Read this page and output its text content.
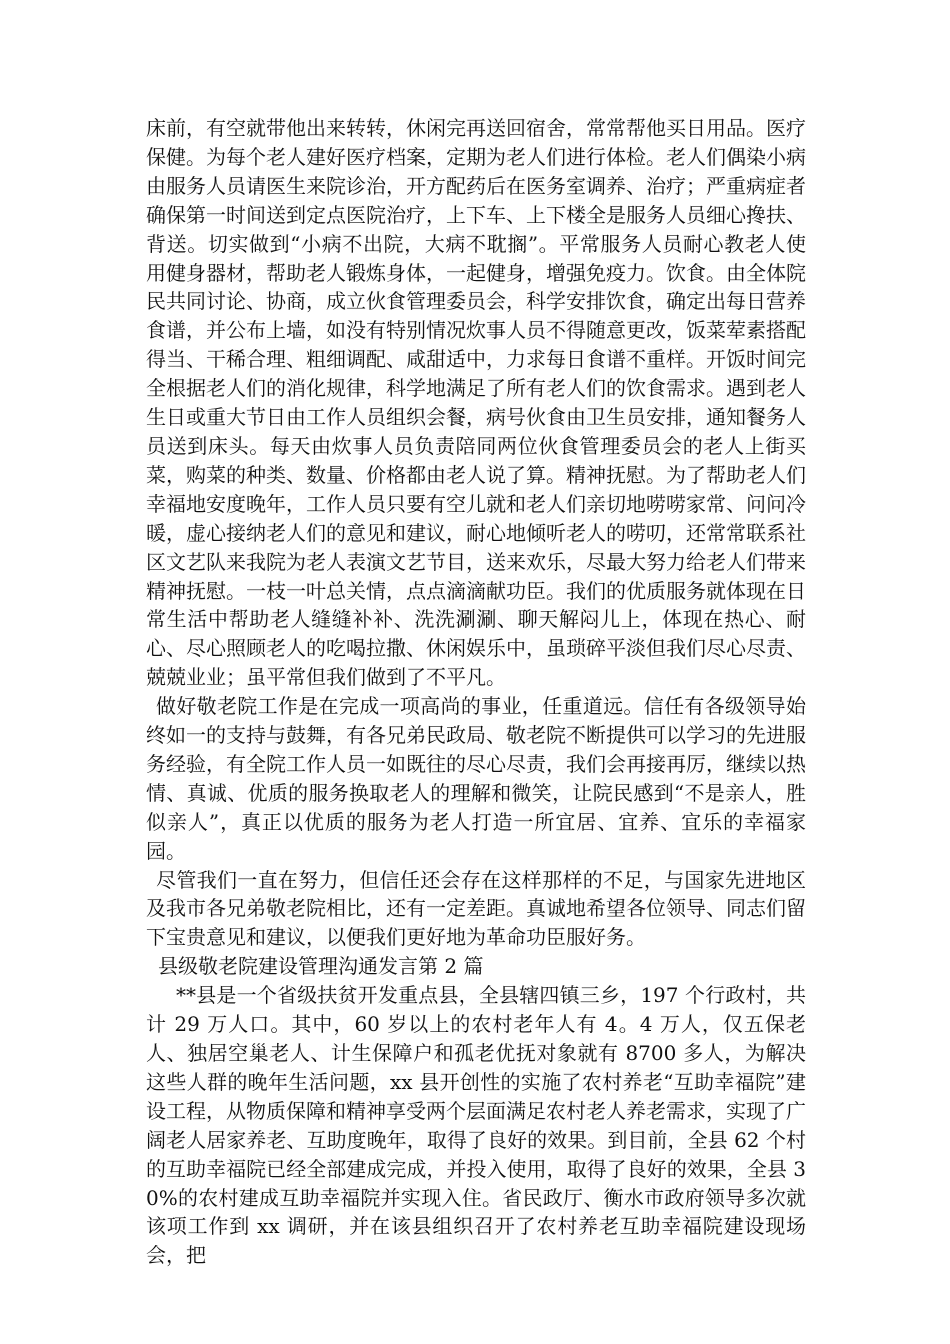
床前，有空就带他出来转转，休闲完再送回宿舍，常常帮他买日用品。医疗保健。为每个老人建好医疗档案，定期为老人们进行体检。老人们偶染小病由服务人员请医生来院诊治，开方配药后在医务室调养、治疗；严重病症者确保第一时间送到定点医院治疗，上下车、上下楼全是服务人员细心搀扶、背送。切实做到“小病不出院，大病不耽搁”。平常服务人员耐心教老人使用健身器材，帮助老人锻炼身体，一起健身，增强免疫力。饮食。由全体院民共同讨论、协商，成立伙食管理委员会，科学安排饮食，确定出每日营养食谱，并公布上墙，如没有特别情况炊事人员不得随意更改，饭菜荤素搭配得当、干稀合理、粗细调配、咸甜适中，力求每日食谱不重样。开饭时间完全根据老人们的消化规律，科学地满足了所有老人们的饮食需求。遇到老人生日或重大节日由工作人员组织会餐，病号伙食由卫生员安排，通知餐务人员送到床头。每天由炊事人员负责陪同两位伙食管理委员会的老人上街买菜，购菜的种类、数量、价格都由老人说了算。精神抚慰。为了帮助老人们幸福地安度晚年，工作人员只要有空儿就和老人们亲切地唠唠家常、问问冷暖，虚心接纳老人们的意见和建议，耐心地倾听老人的唠叨，还常常联系社区文艺队来我院为老人表演文艺节目，送来欢乐，尽最大努力给老人们带来精神抚慰。一枝一叶总关情，点点滴滴献功臣。我们的优质服务就体现在日常生活中帮助老人缝缝补补、洗洗涮涮、聊天解闷儿上，体现在热心、耐心、尽心照顾老人的吃喝拉撒、休闲娱乐中，虽琐碎平淡但我们尽心尽责、兢兢业业；虽平常但我们做到了不平凡。

做好敬老院工作是在完成一项高尚的事业，任重道远。信任有各级领导始终如一的支持与鼓舞，有各兄弟民政局、敬老院不断提供可以学习的先进服务经验，有全院工作人员一如既往的尽心尽责，我们会再接再厉，继续以热情、真诚、优质的服务换取老人的理解和微笑，让院民感到“不是亲人，胜似亲人”，真正以优质的服务为老人打造一所宜居、宜养、宜乐的幸福家园。

尽管我们一直在努力，但信任还会存在这样那样的不足，与国家先进地区及我市各兄弟敬老院相比，还有一定差距。真诚地希望各位领导、同志们留下宝贵意见和建议，以便我们更好地为革命功臣服好务。

县级敬老院建设管理沟通发言第 2 篇

**县是一个省级扶贫开发重点县，全县辖四镇三乡，197 个行政村，共计 29 万人口。其中，60 岁以上的农村老年人有 4。4 万人，仅五保老人、独居空巢老人、计生保障户和孤老优抚对象就有 8700 多人，为解决这些人群的晚年生活问题，xx 县开创性的实施了农村养老“互助幸福院”建设工程，从物质保障和精神享受两个层面满足农村老人养老需求，实现了广阔老人居家养老、互助度晚年，取得了良好的效果。到目前，全县 62 个村的互助幸福院已经全部建成完成，并投入使用，取得了良好的效果，全县 30%的农村建成互助幸福院并实现入住。省民政厅、衡水市政府领导多次就该项工作到 xx 调研，并在该县组织召开了农村养老互助幸福院建设现场会，把
